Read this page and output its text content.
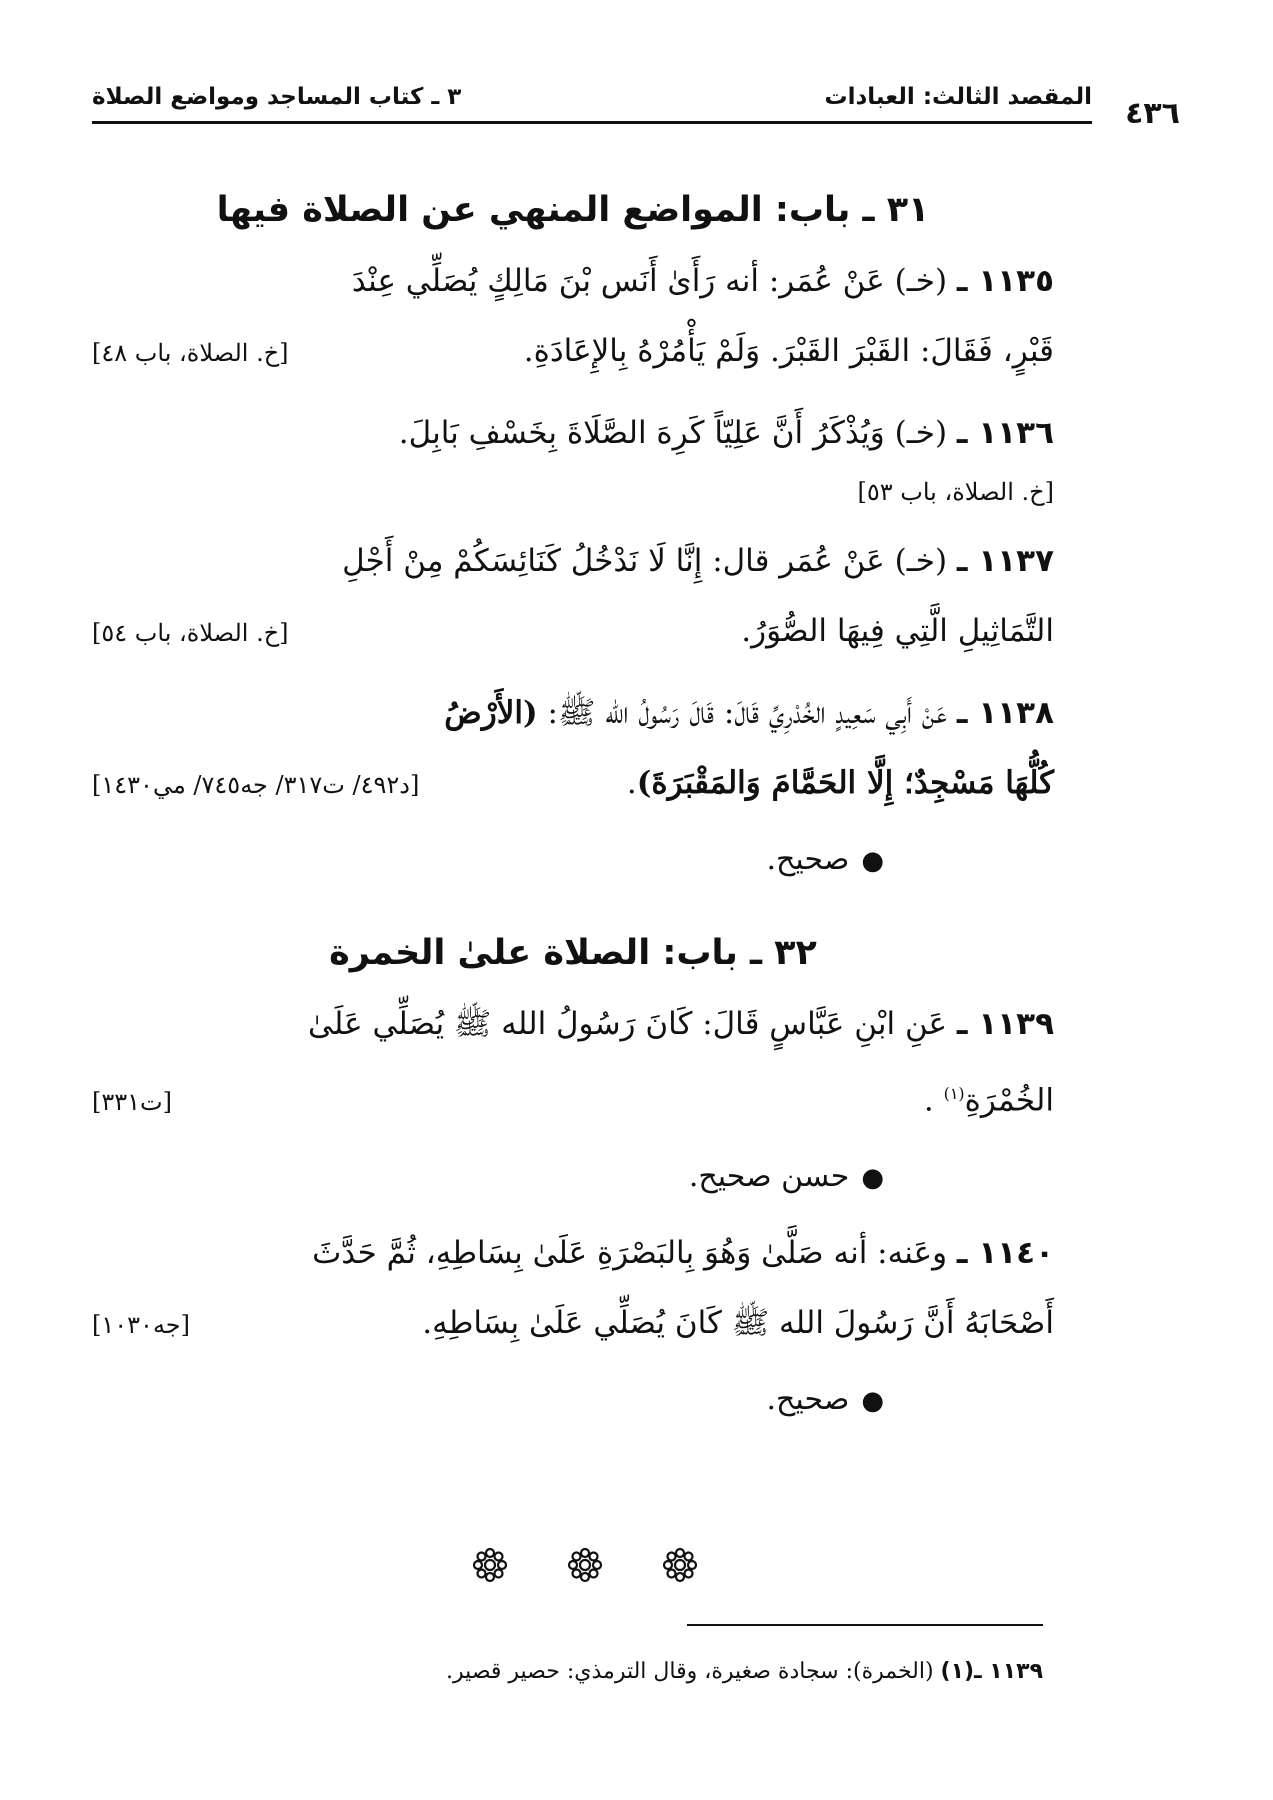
٤٣٦
المقصد الثالث: العبادات
٣ ـ كتاب المساجد ومواضع الصلاة
٣١ ـ باب: المواضع المنهي عن الصلاة فيها
١١٣٥ ـ (خـ) عَنْ عُمَر: أنه رَأَىٰ أَنَس بْنَ مَالِكٍ يُصَلِّي عِنْدَ
قَبْرٍ، فَقَالَ: القَبْرَ القَبْرَ. وَلَمْ يَأْمُرْهُ بِالإِعَادَةِ.
[خ. الصلاة، باب ٤٨]
١١٣٦ ـ (خـ) وَيُذْكَرُ أَنَّ عَلِيّاً كَرِهَ الصَّلَاةَ بِخَسْفِ بَابِلَ.
[خ. الصلاة، باب ٥٣]
١١٣٧ ـ (خـ) عَنْ عُمَر قال: إِنَّا لَا نَدْخُلُ كَنَائِسَكُمْ مِنْ أَجْلِ
التَّمَاثِيلِ الَّتِي فِيهَا الصُّوَرُ.
[خ. الصلاة، باب ٥٤]
١١٣٨ ـ عَنْ أَبِي سَعِيدٍ الخُدْرِيِّ قَالَ: قَالَ رَسُولُ الله ﷺ: (الأَرْضُ
كُلُّهَا مَسْجِدٌ؛ إِلَّا الحَمَّامَ وَالمَقْبَرَةَ).
[د٤٩٢/ ت٣١٧/ جه٧٤٥/ مي١٤٣٠]
●صحيح.
٣٢ ـ باب: الصلاة علىٰ الخمرة
١١٣٩ ـ عَنِ ابْنِ عَبَّاسٍ قَالَ: كَانَ رَسُولُ الله ﷺ يُصَلِّي عَلَىٰ
الخُمْرَةِ$^{(١)}$ .
[ت٣٣١]
●حسن صحيح.
١١٤٠ ـ وعَنه: أنه صَلَّىٰ وَهُوَ بِالبَصْرَةِ عَلَىٰ بِسَاطِهِ، ثُمَّ حَدَّثَ
أَصْحَابَهُ أَنَّ رَسُولَ الله ﷺ كَانَ يُصَلِّي عَلَىٰ بِسَاطِهِ.
[جه١٠٣٠]
●صحيح.
١١٣٩ ـ(١) (الخمرة): سجادة صغيرة، وقال الترمذي: حصير قصير.
